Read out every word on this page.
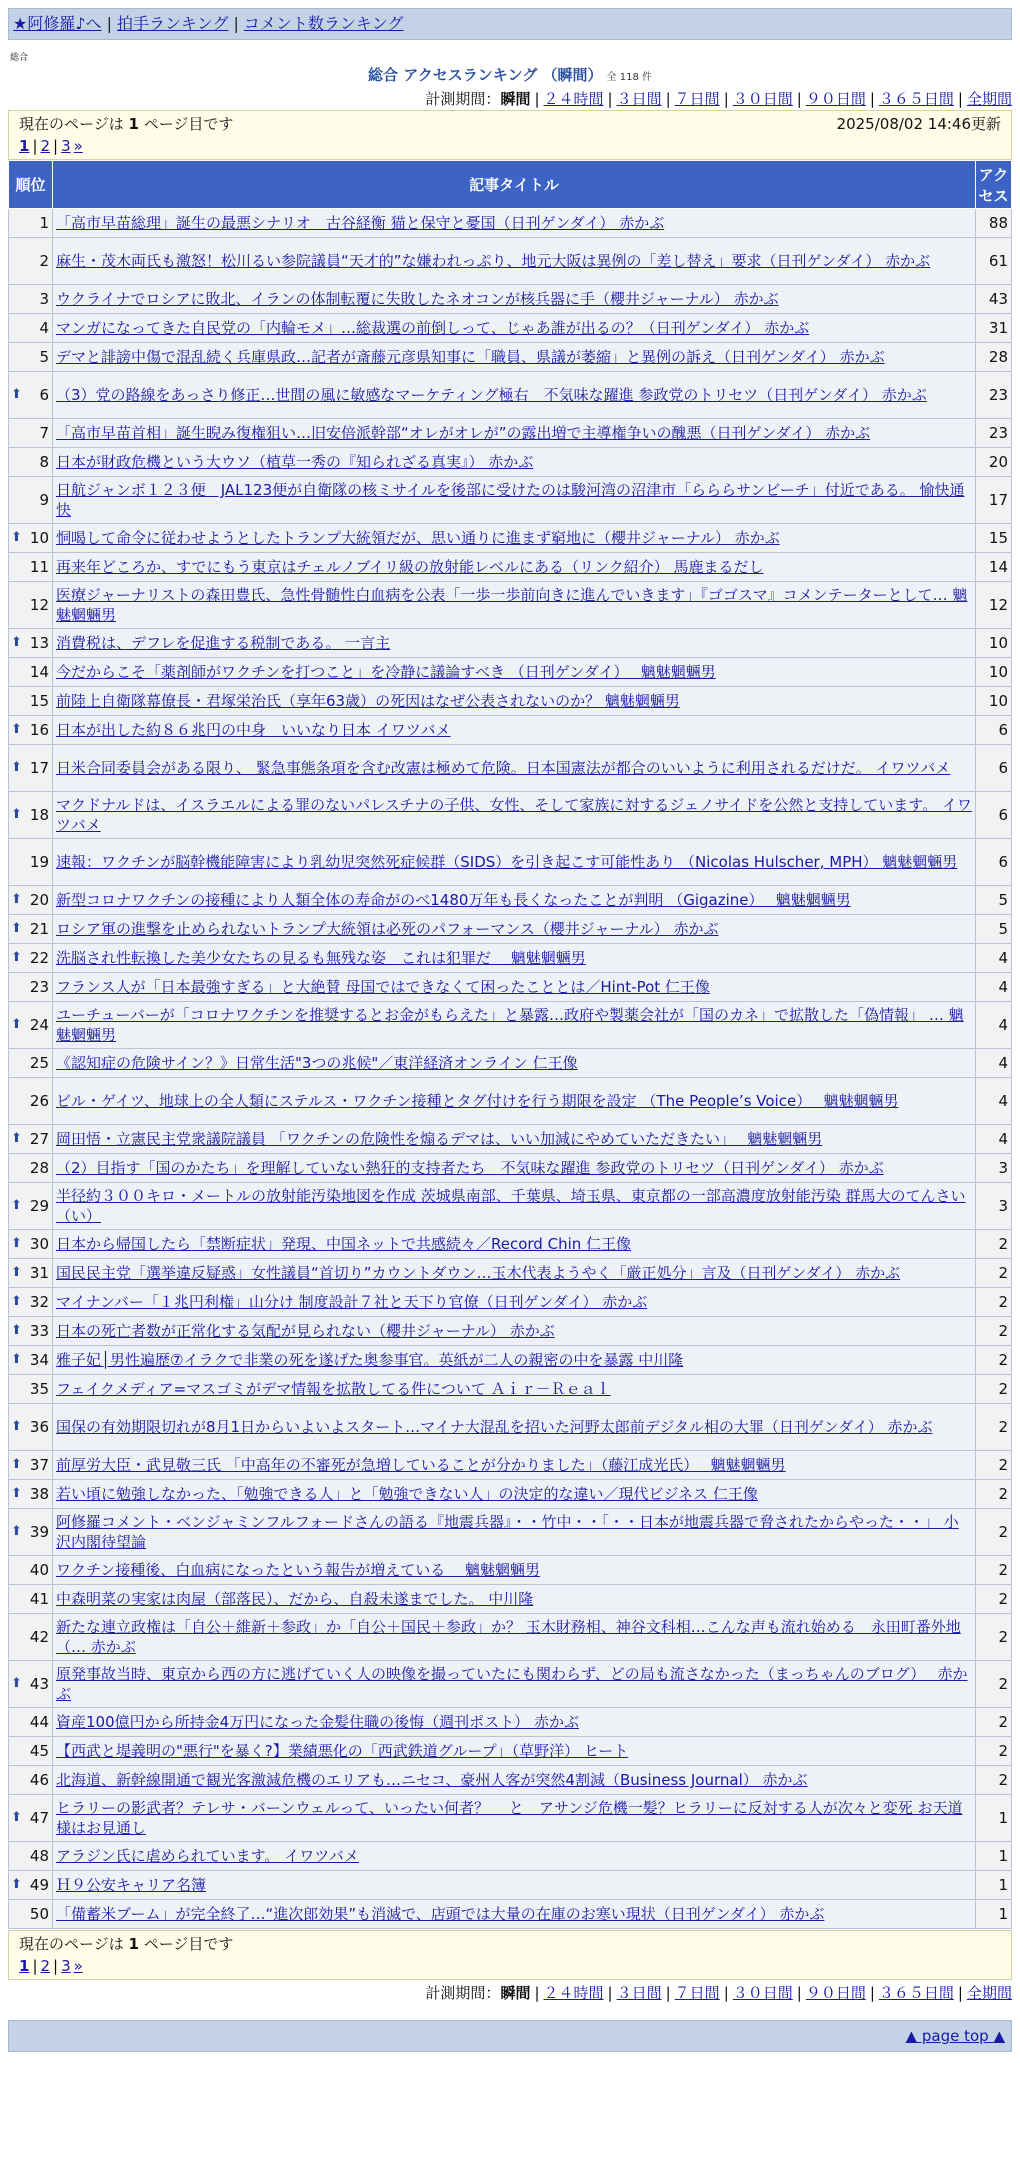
★阿修羅♪へ | 拍手ランキング | コメント数ランキング
総合
総合 アクセスランキング （瞬間） 全 118 件
計測期間：瞬間 | ２４時間 | ３日間 | ７日間 | ３０日間 | ９０日間 | ３６５日間 | 全期間
現在のページは 1 ページ目です	2025/08/02 14:46更新
1 | 2 | 3 »
順位	記事タイトル	アクセス
1	「高市早苗総理」誕生の最悪シナリオ　古谷経衡 猫と保守と憂国（日刊ゲンダイ） 赤かぶ	88
2	麻生・茂木両氏も激怒！松川るい参院議員“天才的”な嫌われっぷり、地元大阪は異例の「差し替え」要求（日刊ゲンダイ） 赤かぶ	61
3	ウクライナでロシアに敗北、イランの体制転覆に失敗したネオコンが核兵器に手（櫻井ジャーナル） 赤かぶ	43
4	マンガになってきた自民党の「内輪モメ」…総裁選の前倒しって、じゃあ誰が出るの？（日刊ゲンダイ） 赤かぶ	31
5	デマと誹謗中傷で混乱続く兵庫県政…記者が斎藤元彦県知事に「職員、県議が萎縮」と異例の訴え（日刊ゲンダイ） 赤かぶ	28

⬆ 6	（3）党の路線をあっさり修正…世間の風に敏感なマーケティング極右　不気味な躍進 参政党のトリセツ（日刊ゲンダイ） 赤かぶ	23
7	「高市早苗首相」誕生睨み復権狙い…旧安倍派幹部“オレがオレが”の露出増で主導権争いの醜悪（日刊ゲンダイ） 赤かぶ	23
8	日本が財政危機という大ウソ（植草一秀の『知られざる真実』） 赤かぶ	20
9	日航ジャンボ１２３便　JAL123便が自衛隊の核ミサイルを後部に受けたのは駿河湾の沼津市「らららサンビーチ」付近である。 愉快通快	17

⬆ 10	恫喝して命令に従わせようとしたトランプ大統領だが、思い通りに進まず窮地に（櫻井ジャーナル） 赤かぶ	15
11	再来年どころか、すでにもう東京はチェルノブイリ級の放射能レベルにある（リンク紹介） 馬鹿まるだし	14
12	医療ジャーナリストの森田豊氏、急性骨髄性白血病を公表「一歩一歩前向きに進んでいきます」『ゴゴスマ』コメンテーターとして… 魑魅魍魎男	12

⬆ 13	消費税は、デフレを促進する税制である。 一言主	10
14	今だからこそ「薬剤師がワクチンを打つこと」を冷静に議論すべき （日刊ゲンダイ）　 魑魅魍魎男	10
15	前陸上自衛隊幕僚長・君塚栄治氏（享年63歳）の死因はなぜ公表されないのか？ 魑魅魍魎男	10

⬆ 16	日本が出した約８６兆円の中身　いいなり日本 イワツバメ	6

⬆ 17	日米合同委員会がある限り、 緊急事態条項を含む改憲は極めて危険。日本国憲法が都合のいいように利用されるだけだ。 イワツバメ	6

⬆ 18	マクドナルドは、イスラエルによる罪のないパレスチナの子供、女性、そして家族に対するジェノサイドを公然と支持しています。 イワツバメ	6
19	速報：ワクチンが脳幹機能障害により乳幼児突然死症候群（SIDS）を引き起こす可能性あり （Nicolas Hulscher, MPH） 魑魅魍魎男	6

⬆ 20	新型コロナワクチンの接種により人類全体の寿命がのべ1480万年も長くなったことが判明 （Gigazine）　 魑魅魍魎男	5

⬆ 21	ロシア軍の進撃を止められないトランプ大統領は必死のパフォーマンス（櫻井ジャーナル） 赤かぶ	5

⬆ 22	洗脳され性転換した美少女たちの見るも無残な姿　これは犯罪だ　 魑魅魍魎男	4
23	フランス人が「日本最強すぎる」と大絶賛 母国ではできなくて困ったこととは／Hint-Pot 仁王像	4

⬆ 24	ユーチューバーが「コロナワクチンを推奨するとお金がもらえた」と暴露…政府や製薬会社が「国のカネ」で拡散した「偽情報」 … 魑魅魍魎男	4
25	《認知症の危険サイン？》日常生活"3つの兆候"／東洋経済オンライン 仁王像	4
26	ビル・ゲイツ、地球上の全人類にステルス・ワクチン接種とタグ付けを行う期限を設定 （The People’s Voice）　 魑魅魍魎男	4

⬆ 27	岡田悟・立憲民主党衆議院議員 「ワクチンの危険性を煽るデマは、いい加減にやめていただきたい」　 魑魅魍魎男	4
28	（2）目指す「国のかたち」を理解していない熱狂的支持者たち　不気味な躍進 参政党のトリセツ（日刊ゲンダイ） 赤かぶ	3

⬆ 29	半径約３００キロ・メートルの放射能汚染地図を作成 茨城県南部、千葉県、埼玉県、東京都の一部高濃度放射能汚染 群馬大のてんさい（い）	3

⬆ 30	日本から帰国したら「禁断症状」発現、中国ネットで共感続々／Record Chin 仁王像	2

⬆ 31	国民民主党「選挙違反疑惑」女性議員“首切り”カウントダウン…玉木代表ようやく「厳正処分」言及（日刊ゲンダイ） 赤かぶ	2

⬆ 32	マイナンバー「１兆円利権」山分け 制度設計７社と天下り官僚（日刊ゲンダイ） 赤かぶ	2

⬆ 33	日本の死亡者数が正常化する気配が見られない（櫻井ジャーナル） 赤かぶ	2

⬆ 34	雅子妃│男性遍歴⑦イラクで非業の死を遂げた奥参事官。英紙が二人の親密の中を暴露 中川隆	2
35	フェイクメディア=マスゴミがデマ情報を拡散してる件について Ａｉｒ－Ｒｅａｌ	2

⬆ 36	国保の有効期限切れが8月1日からいよいよスタート…マイナ大混乱を招いた河野太郎前デジタル相の大罪（日刊ゲンダイ） 赤かぶ	2

⬆ 37	前厚労大臣・武見敬三氏 「中高年の不審死が急増していることが分かりました」（藤江成光氏）　 魑魅魍魎男	2

⬆ 38	若い頃に勉強しなかった、「勉強できる人」と「勉強できない人」の決定的な違い／現代ビジネス 仁王像	2

⬆ 39	阿修羅コメント・ベンジャミンフルフォードさんの語る『地震兵器』・・竹中・・「・・日本が地震兵器で脅されたからやった・・」 小沢内閣待望論	2
40	ワクチン接種後、白血病になったという報告が増えている　 魑魅魍魎男	2
41	中森明菜の実家は肉屋（部落民）、だから、自殺未遂までした。 中川隆	2
42	新たな連立政権は「自公＋維新＋参政」か「自公＋国民＋参政」か？ 玉木財務相、神谷文科相…こんな声も流れ始める　永田町番外地（… 赤かぶ	2

⬆ 43	原発事故当時、東京から西の方に逃げていく人の映像を撮っていたにも関わらず、どの局も流さなかった（まっちゃんのブログ）　 赤かぶ	2
44	資産100億円から所持金4万円になった金髪住職の後悔（週刊ポスト） 赤かぶ	2
45	【西武と堤義明の"悪行"を暴く?】業績悪化の「西武鉄道グループ」（草野洋） ヒート	2
46	北海道、新幹線開通で観光客激減危機のエリアも…ニセコ、豪州人客が突然4割減（Business Journal） 赤かぶ	2

⬆ 47	ヒラリーの影武者？テレサ・バーンウェルって、いったい何者？　 と　アサンジ危機一髪？ヒラリーに反対する人が次々と変死 お天道様はお見通し	1
48	アラジン氏に虐められています。 イワツバメ	1

⬆ 49	Ｈ９公安キャリア名簿	1
50	「備蓄米ブーム」が完全終了…“進次郎効果”も消滅で、店頭では大量の在庫のお寒い現状（日刊ゲンダイ） 赤かぶ	1
現在のページは 1 ページ目です
1 | 2 | 3 »
計測期間：瞬間 | ２４時間 | ３日間 | ７日間 | ３０日間 | ９０日間 | ３６５日間 | 全期間
▲ page top ▲
